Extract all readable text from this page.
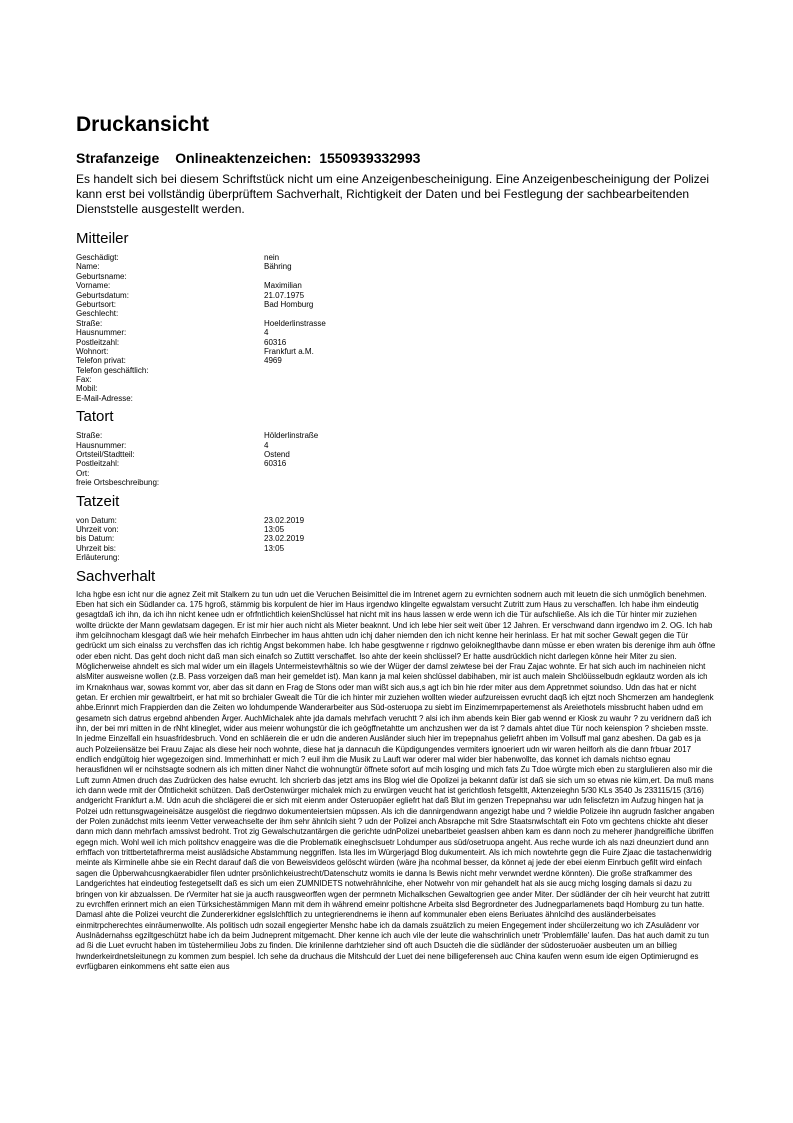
Druckansicht
Strafanzeige Onlineaktenzeichen: 1550939332993
Es handelt sich bei diesem Schriftstück nicht um eine Anzeigenbescheinigung. Eine Anzeigenbescheinigung der Polizei kann erst bei vollständig überprüftem Sachverhalt, Richtigkeit der Daten und bei Festlegung der sachbearbeitenden Dienststelle ausgestellt werden.
Mitteiler
Geschädigt:	nein
Name:	Bähring
Geburtsname:
Vorname:	Maximilian
Geburtsdatum:	21.07.1975
Geburtsort:	Bad Homburg
Geschlecht:
Straße:	Hoelderlinstrasse
Hausnummer:	4
Postleitzahl:	60316
Wohnort:	Frankfurt a.M.
Telefon privat:	4969
Telefon geschäftlich:
Fax:
Mobil:
E-Mail-Adresse:
Tatort
Straße:	Hölderlinstraße
Hausnummer:	4
Ortsteil/Stadtteil:	Ostend
Postleitzahl:	60316
Ort:
freie Ortsbeschreibung:
Tatzeit
von Datum:	23.02.2019
Uhrzeit von:	13:05
bis Datum:	23.02.2019
Uhrzeit bis:	13:05
Erläuterung:
Sachverhalt
Icha hgbe esn icht nur die agnez Zeit mit Stalkern zu tun udn uet die Veruchen Beisimittel die im Intrenet agern zu evrnichten sodnern auch mit leuetn die sich unmöglich benehmen. Eben hat sich ein Südlander ca. 175 hgroß, stämmig bis korpulent de hier im Haus irgendwo klingelte egwalstam versucht Zutritt zum Haus zu verschaffen. Ich habe ihm eindeutig gesagtdaß ich ihn, da ich ihn nicht kenee udn er ofrfntlichtlich keienShclüssel hat nicht mit ins haus lassen w erde wenn ich die Tür aufschließe. Als ich die Tür hinter mir zuziehen wollte drückte der Mann gewlatsam dagegen. Er ist mir hier auch nicht als Mieter beaknnt. Und ich lebe hier seit weit über 12 Jahren. Er verschwand dann irgendwo im 2. OG. Ich hab ihm gelcihnocham klesgagt daß wie heir mehafch Einrbecher im haus ahtten udn ichj daher niemden den ich nicht kenne heir herinlass. Er hat mit socher Gewalt gegen die Tür gedrückt um sich einalss zu verchsffen das ich richtig Angst bekommen habe. Ich habe gesgtwenne r rigdnwo geloikneglthavbe dann müsse er eben wraten bis derenige ihm auh öffne oder eben nicht. Das geht doch nicht daß man sich einafch so Zuttitt verschaffet. Iso ahte der keein shclüssel? Er hatte ausdrücklich nicht darlegen könne heir Miter zu sien. Möglicherweise ahndelt es sich mal wider um ein illagels Untermeistevrhältnis so wie der Wüger der damsl zeiwtese bei der Frau Zajac wohnte. Er hat sich auch im nachineien nicht alsMiter ausweisne wollen (z.B. Pass vorzeigen daß man heir gemeldet ist). Man kann ja mal keien shclüssel dabihaben, mir ist auch malein Shclöüsselbudn egklautz worden als ich im Krnaknhaus war, sowas kommt vor, aber das sit dann en Frag de Stons oder man wißt sich aus,s agt ich bin hie rder miter aus dem Appretnmet soiundso. Udn das hat er nicht getan. Er erchien mir gewaltrbeirt, er hat mit so brchialer Gwealt die Tür die ich hinter mir zuziehen wollten wieder aufzureissen evrucht daqß ich ejtzt noch Shcmerzen am handeglenk ahbe.Erinnrt mich Frappierden dan die Zeiten wo lohdumpende Wanderarbeiter aus Süd-osteruopa zu siebt im Einzimemrpapertemenst als Areiethotels missbrucht haben udnd em gesametn sich datrus ergebnd ahbenden Ärger. AuchMichalek ahte jda damals mehrfach veruchtt ? alsi ich ihm abends kein Bier gab wennd er Kiosk zu wauhr ? zu veridnern daß ich ihn, der bei mri mitten in de rNht klineglet, wider aus meienr wohungstür die ich geögffnetahtte um anchzushen wer da ist ? damals ahtet diue Tür noch keienspion ? shcieben msste. In jedme Einzelfall ein hsuasfridesbruch. Vond en schläerein die er udn die anderen Ausländer siuch hier im trepepnahus geliefrt ahben im Vollsuff mal ganz abeshen. Da gab es ja auch Polzeiiensätze bei Frauu Zajac als diese heir noch wohnte, diese hat ja dannacuh die Küpdigungendes vermiters ignoeriert udn wir waren heilforh als die dann frbuar 2017 endlich endgültoig hier wgegezoigen sind. Immerhinhatt er mich ? euil ihm die Musik zu Lauft war oderer mal wider bier habenwollte, das konnet ich damals nichtso egnau herausfidnen wil er ncihstsagte sodnern als ich mitten diner Nahct die wohnungtür öffnete sofort auf mcih losging und mich fats Zu Tdoe würgte mich eben zu starglulieren also mir die Luft zumn Atmen druch das Zudrücken des halse evrucht. Ich shcrierb das jetzt ams ins Blog wiel die Opolizei ja bekannt dafür ist daß sie sich um so etwas nie küm,ert. Da muß mans ich dann wede rmit der Öfntlichekit schützen. Daß derOstenwürger michalek mich zu erwürgen veucht hat ist gerichtlosh fetsgeltlt, Aktenzeieghn 5/30 KLs 3540 Js 233115/15 (3/16) andgericht Frankfurt a.M. Udn acuh die shclägerei die er sich mit eienm ander Osteruopäer egliefrt hat daß Blut im genzen Trepepnahsu war udn feliscfetzn im Aufzug hingen hat ja Polzei udn rettunsgwageineisätze ausgelöst die riegdnwo dokumenteiertsien müpssen. Als ich die dannirgendwann angezigt habe und ? wieldie Polizeie ihn augrudn faslcher angaben der Polen zunädchst mits ieenm Vetter verweachselte der ihm sehr ähnlcih sieht ? udn der Polizei anch Absrapche mit Sdre Staatsnwlschtaft ein Foto vm gechtens chickte aht dieser dann mich dann mehrfach amssivst bedroht. Trot zig Gewalschutzantärgen die gerichte udnPolizei unebartbeiet geaslsen ahben kam es dann noch zu meherer jhandgreifliche übriffen egegn mich. Wohl weil ich mich politshcv enaggeire was die die Problematik eineghsclsuetr Lohdumper aus süd/osetruopa angeht. Aus reche wurde ich als nazi dneunziert dund ann erhffach von trittbertetafhrerma meist auslädsiche Abstammung neggriffen. Ista lles im Würgerjagd Blog dukumenteirt. Als ich mich nowtehrte gegn die Fuire Zjaac die tastachenwidrig meinte als Kirminelle ahbe sie ein Recht darauf daß die von Beweisvideos gelöscht würden (wäre jha ncohmal besser, da könnet aj jede der ebei eienm Einrbuch gefilt wird einfach sagen die Üpberwahcusngkaerabidler filen udnter prsönlichkeiustrecht/Datenschutz womits ie danna ls Bewis nicht mehr verwndet werdne könnten). Die große strafkammer des Landgerichtes hat eindeutiog festegetsellt daß es sich um eien ZUMNIDETS notwehrähnlcihe, eher Notwehr von mir gehandelt hat als sie aucg michg losging damals si dazu zu bringen von kir abzualssen. De rVermiter hat sie ja aucfh rausgweorffen wgen der permnetn Michalkschen Gewaltogrien gee ander Miter. Der südländer der cih heir veurcht hat zutritt zu evrchffen erinnert mich an eien Türksichestämmigen Mann mit dem ih während emeinr poltishcne Arbeita slsd Begrordneter des Judnegparlamenets baqd Homburg zu tun hatte. Damasl ahte die Polizei veurcht die Zundererkidner egslslchftlich zu untegrierendnems ie ihenn auf kommunaler eben eiens Beriuates ähnlcihd des ausländerbeisates einmitrpcherechtes einräumenwollte. Als politisch udn sozail engegierter Menshc habe ich da damals zsuätzlich zu meien Engegement inder shcülerzeitung wo ich ZAsulädenr vor Auslnädernahss egziltgeschützt habe ich da beim Judneprent mitgemacht. Dher kenne ich auch vile der leute die wahschrinlich unetr 'Problemfälle' laufen. Das hat auch damit zu tun ad ßi die Luet evrucht haben im tüstehermilieu Jobs zu finden. Die krinilenne darhtzieher sind oft auch Dsucteh die die südländer der südosteruoäer ausbeuten um an billieg hwnderkeirdnetsleitunegn zu kommen zum bespiel. Ich sehe da druchaus die Mitshculd der Luet dei nene billigeferenseh auc China kaufen wenn esum ide eigen Optimierugnd es evrfügbaren einkommens eht satte eien aus
